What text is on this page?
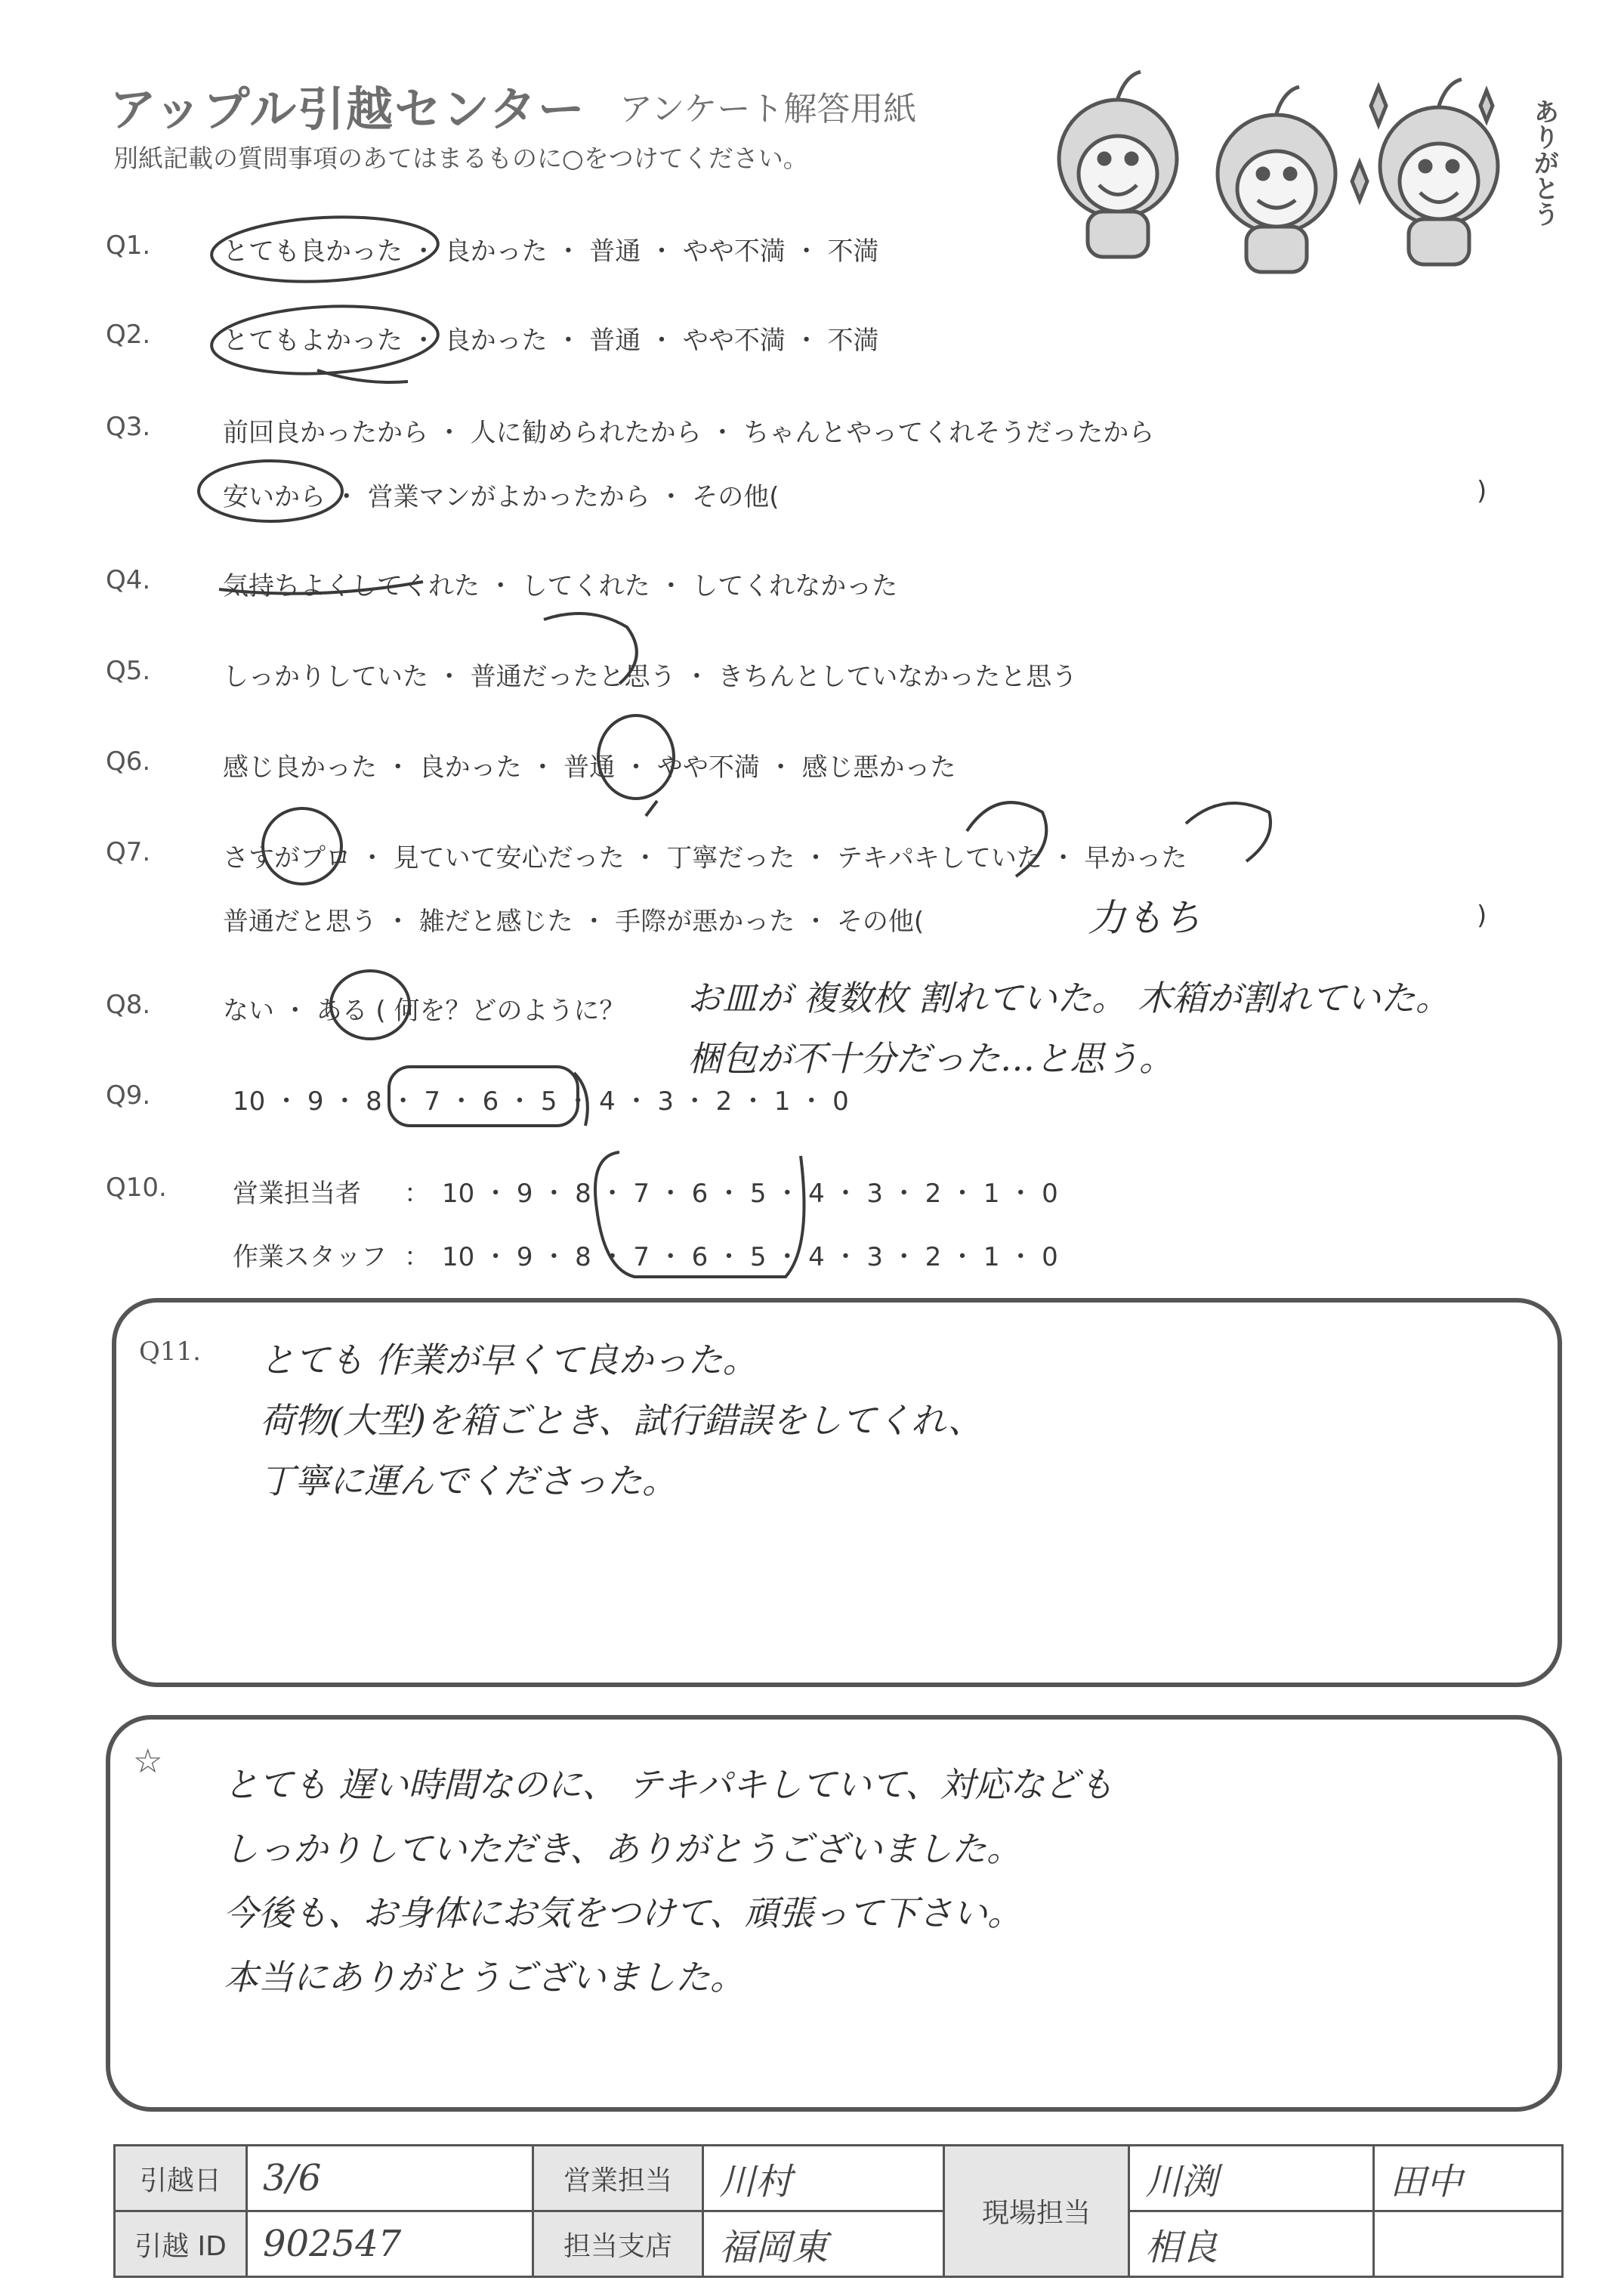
アップル引越センター アンケート解答用紙
別紙記載の質問事項のあてはまるものに○をつけてください。	ありがとう
Q1.	とても良かった ・ 良かった ・ 普通 ・ やや不満 ・ 不満
Q2.	とてもよかった ・ 良かった ・ 普通 ・ やや不満 ・ 不満
Q3.	前回良かったから ・ 人に勧められたから ・ ちゃんとやってくれそうだったから
安いから ・ 営業マンがよかったから ・ その他(	)
Q4.	気持ちよくしてくれた ・ してくれた ・ してくれなかった
Q5.	しっかりしていた ・ 普通だったと思う ・ きちんとしていなかったと思う
Q6.	感じ良かった ・ 良かった ・ 普通 ・ やや不満 ・ 感じ悪かった
Q7.	さすがプロ ・ 見ていて安心だった ・ 丁寧だった ・ テキパキしていた ・ 早かった
普通だと思う ・ 雑だと感じた ・ 手際が悪かった ・ その他(	)
力もち
Q8.	ない ・ ある ( 何を？どのように？ お皿が 複数枚 割れていた。 木箱が割れていた。
梱包が不十分だった…と思う。
Q9.	10 ・ 9 ・ 8 ・ 7 ・ 6 ・ 5 ・ 4 ・ 3 ・ 2 ・ 1 ・ 0
Q10.	営業担当者 ： 10 ・ 9 ・ 8 ・ 7 ・ 6 ・ 5 ・ 4 ・ 3 ・ 2 ・ 1 ・ 0
作業スタッフ ： 10 ・ 9 ・ 8 ・ 7 ・ 6 ・ 5 ・ 4 ・ 3 ・ 2 ・ 1 ・ 0
Q11. とても 作業が早くて良かった。
荷物(大型)を箱ごとき、試行錯誤をしてくれ、
丁寧に運んでくださった。
☆
とても 遅い時間なのに、 テキパキしていて、対応なども
しっかりしていただき、ありがとうございました。
今後も、お身体にお気をつけて、頑張って下さい。
本当にありがとうございました。
引越日	3/6	営業担当	川村	現場担当	川渕	田中
引越 ID	902547	担当支店	福岡東		相良	
